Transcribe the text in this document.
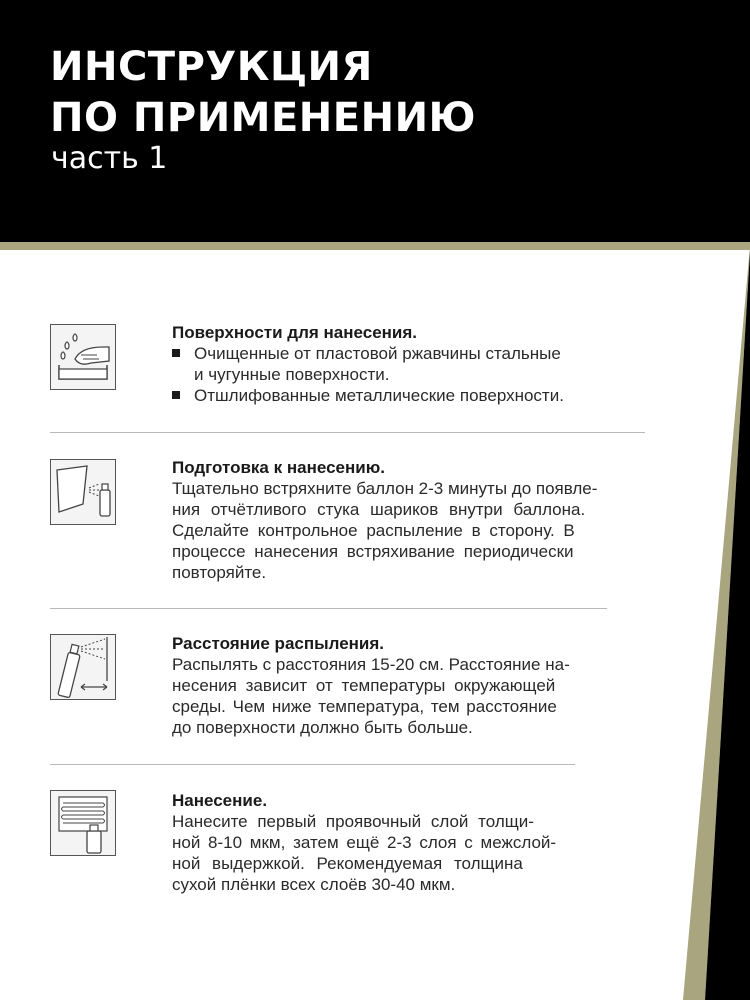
ИНСТРУКЦИЯ
ПО ПРИМЕНЕНИЮ
часть 1
Поверхности для нанесения.
Очищенные от пластовой ржавчины стальные
и чугунные поверхности.
Отшлифованные металлические поверхности.
Подготовка к нанесению.
Тщательно встряхните баллон 2-3 минуты до появле-
ния отчётливого стука шариков внутри баллона.
Сделайте контрольное распыление в сторону. В
процессе нанесения встряхивание периодически
повторяйте.
Расстояние распыления.
Распылять с расстояния 15-20 см. Расстояние на-
несения зависит от температуры окружающей
среды. Чем ниже температура, тем расстояние
до поверхности должно быть больше.
Нанесение.
Нанесите первый проявочный слой толщи-
ной 8-10 мкм, затем ещё 2-3 слоя с межслой-
ной выдержкой. Рекомендуемая толщина
сухой плёнки всех слоёв 30-40 мкм.
